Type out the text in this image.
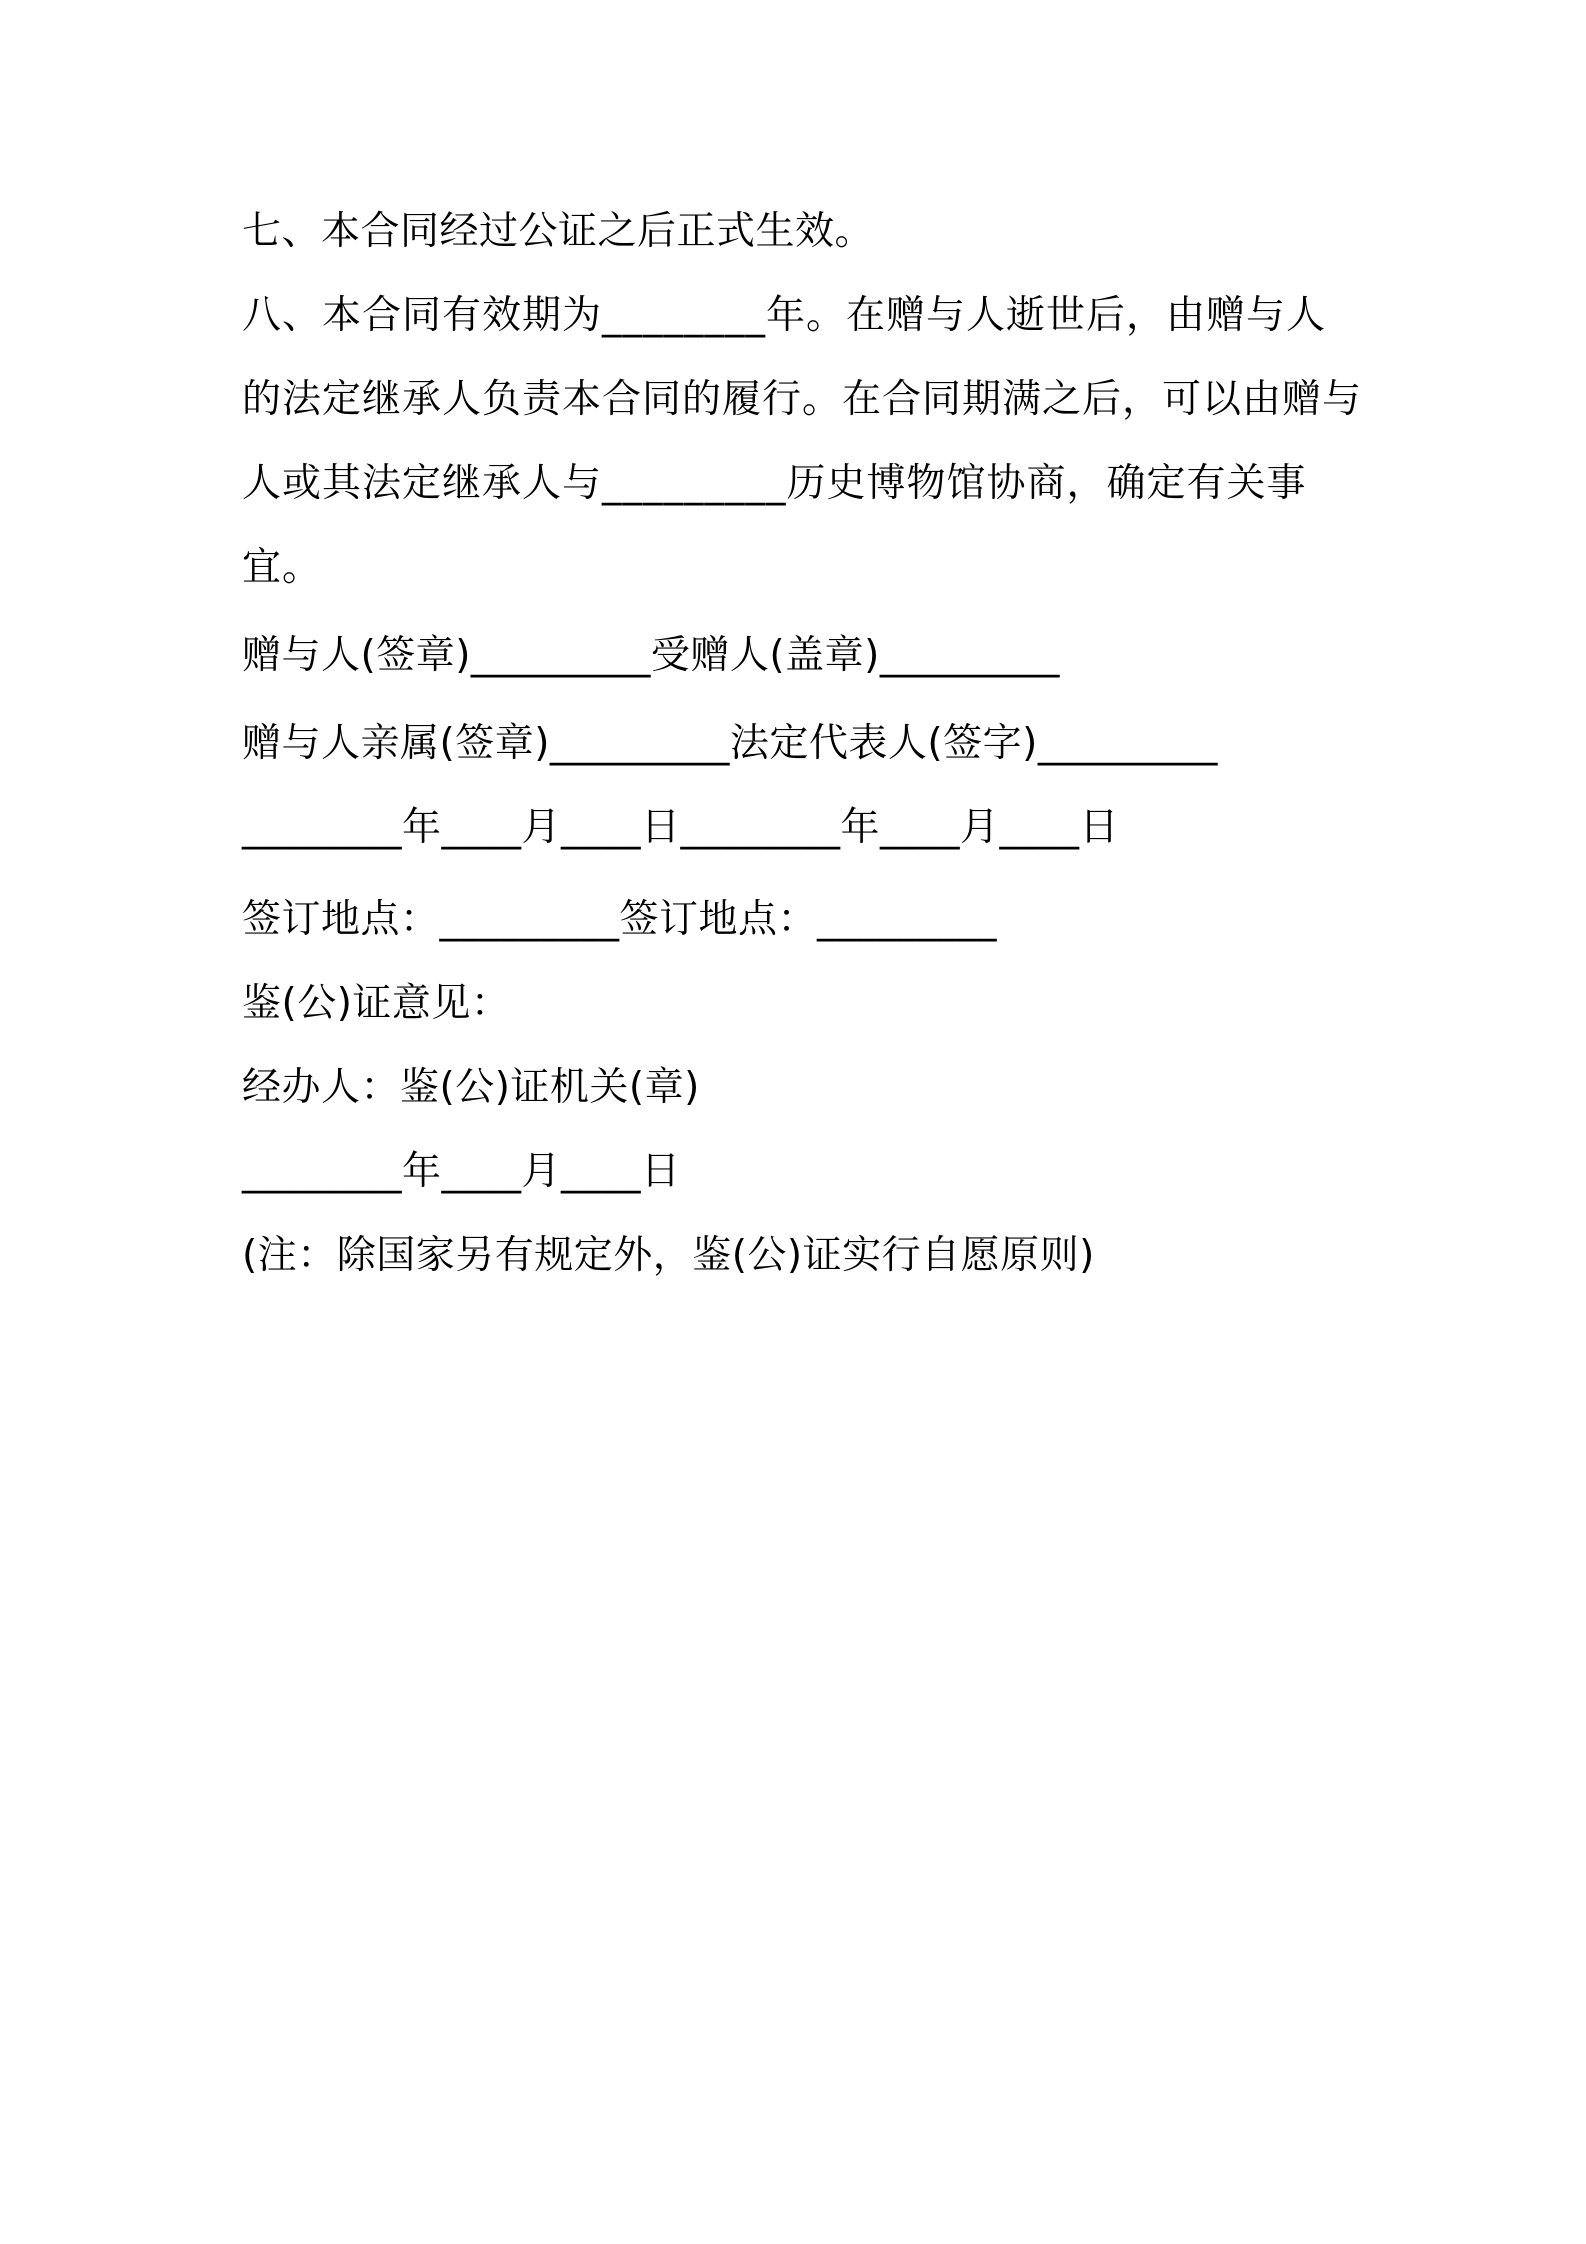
七、本合同经过公证之后正式生效。
八、本合同有效期为________年。在赠与人逝世后，由赠与人的法定继承人负责本合同的履行。在合同期满之后，可以由赠与人或其法定继承人与_________历史博物馆协商，确定有关事宜。
赠与人(签章)_________受赠人(盖章)_________
赠与人亲属(签章)_________法定代表人(签字)_________
________年____月____日________年____月____日
签订地点：_________签订地点：_________
鉴(公)证意见：
经办人：鉴(公)证机关(章)
________年____月____日
(注：除国家另有规定外，鉴(公)证实行自愿原则)
